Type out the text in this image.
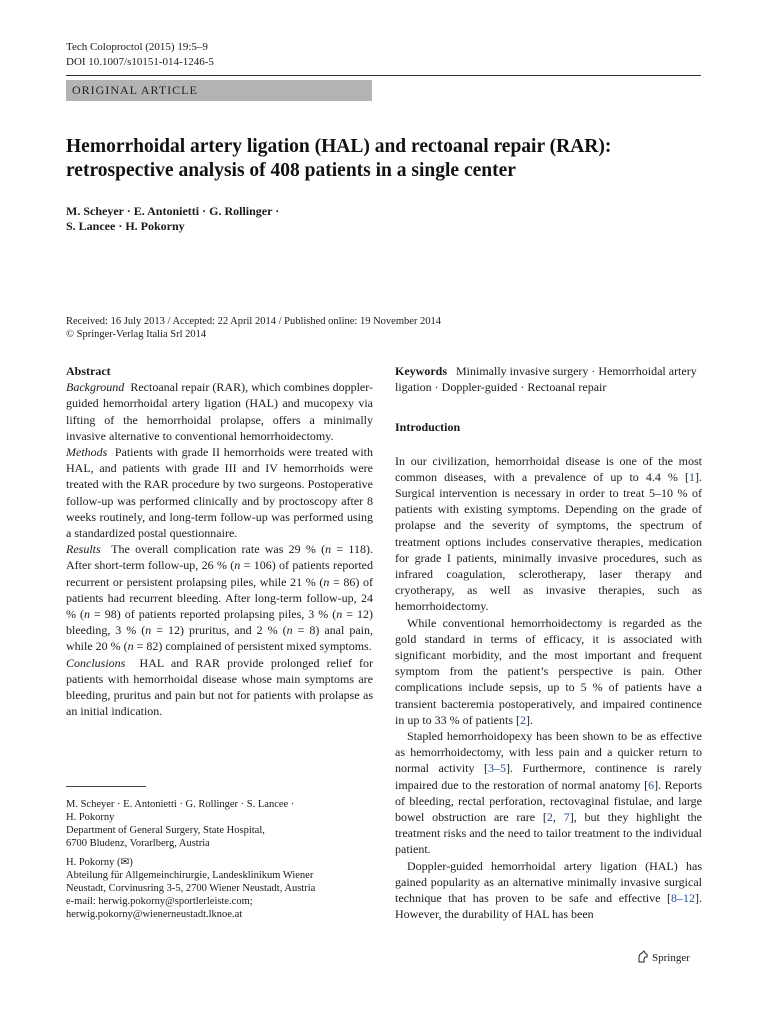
Tech Coloproctol (2015) 19:5–9
DOI 10.1007/s10151-014-1246-5
ORIGINAL ARTICLE
Hemorrhoidal artery ligation (HAL) and rectoanal repair (RAR):
retrospective analysis of 408 patients in a single center
M. Scheyer · E. Antonietti · G. Rollinger ·
S. Lancee · H. Pokorny
Received: 16 July 2013 / Accepted: 22 April 2014 / Published online: 19 November 2014
© Springer-Verlag Italia Srl 2014

Abstract

Background Rectoanal repair (RAR), which combines doppler-guided hemorrhoidal artery ligation (HAL) and mucopexy via lifting of the hemorrhoidal prolapse, offers a minimally invasive alternative to conventional hemorrhoidectomy.

Methods Patients with grade II hemorrhoids were treated with HAL, and patients with grade III and IV hemorrhoids were treated with the RAR procedure by two surgeons. Postoperative follow-up was performed clinically and by proctoscopy after 8 weeks routinely, and long-term follow-up was performed using a standardized postal questionnaire.

Results The overall complication rate was 29 % (n = 118). After short-term follow-up, 26 % (n = 106) of patients reported recurrent or persistent prolapsing piles, while 21 % (n = 86) of patients had recurrent bleeding. After long-term follow-up, 24 % (n = 98) of patients reported prolapsing piles, 3 % (n = 12) bleeding, 3 % (n = 12) pruritus, and 2 % (n = 8) anal pain, while 20 % (n = 82) complained of persistent mixed symptoms.

Conclusions HAL and RAR provide prolonged relief for patients with hemorrhoidal disease whose main symptoms are bleeding, pruritus and pain but not for patients with prolapse as an initial indication.

M. Scheyer · E. Antonietti · G. Rollinger · S. Lancee ·
H. Pokorny
Department of General Surgery, State Hospital,
6700 Bludenz, Vorarlberg, Austria

H. Pokorny (✉)
Abteilung für Allgemeinchirurgie, Landesklinikum Wiener
Neustadt, Corvinusring 3-5, 2700 Wiener Neustadt, Austria
e-mail: herwig.pokorny@sportlerleiste.com;
herwig.pokorny@wienerneustadt.lknoe.at

Keywords Minimally invasive surgery · Hemorrhoidal artery ligation · Doppler-guided · Rectoanal repair

Introduction

In our civilization, hemorrhoidal disease is one of the most common diseases, with a prevalence of up to 4.4 % [1]. Surgical intervention is necessary in order to treat 5–10 % of patients with existing symptoms. Depending on the grade of prolapse and the severity of symptoms, the spectrum of treatment options includes conservative therapies, medication for grade I patients, minimally invasive procedures, such as infrared coagulation, sclerotherapy, laser therapy and cryotherapy, as well as invasive therapies, such as hemorrhoidectomy.

While conventional hemorrhoidectomy is regarded as the gold standard in terms of efficacy, it is associated with significant morbidity, and the most important and frequent symptom from the patient’s perspective is pain. Other complications include sepsis, up to 5 % of patients have a transient bacteremia postoperatively, and impaired continence in up to 33 % of patients [2].

Stapled hemorrhoidopexy has been shown to be as effective as hemorrhoidectomy, with less pain and a quicker return to normal activity [3–5]. Furthermore, continence is rarely impaired due to the restoration of normal anatomy [6]. Reports of bleeding, rectal perforation, rectovaginal fistulae, and large bowel obstruction are rare [2, 7], but they highlight the treatment risks and the need to tailor treatment to the individual patient.

Doppler-guided hemorrhoidal artery ligation (HAL) has gained popularity as an alternative minimally invasive surgical technique that has proven to be safe and effective [8–12]. However, the durability of HAL has been

Springer
